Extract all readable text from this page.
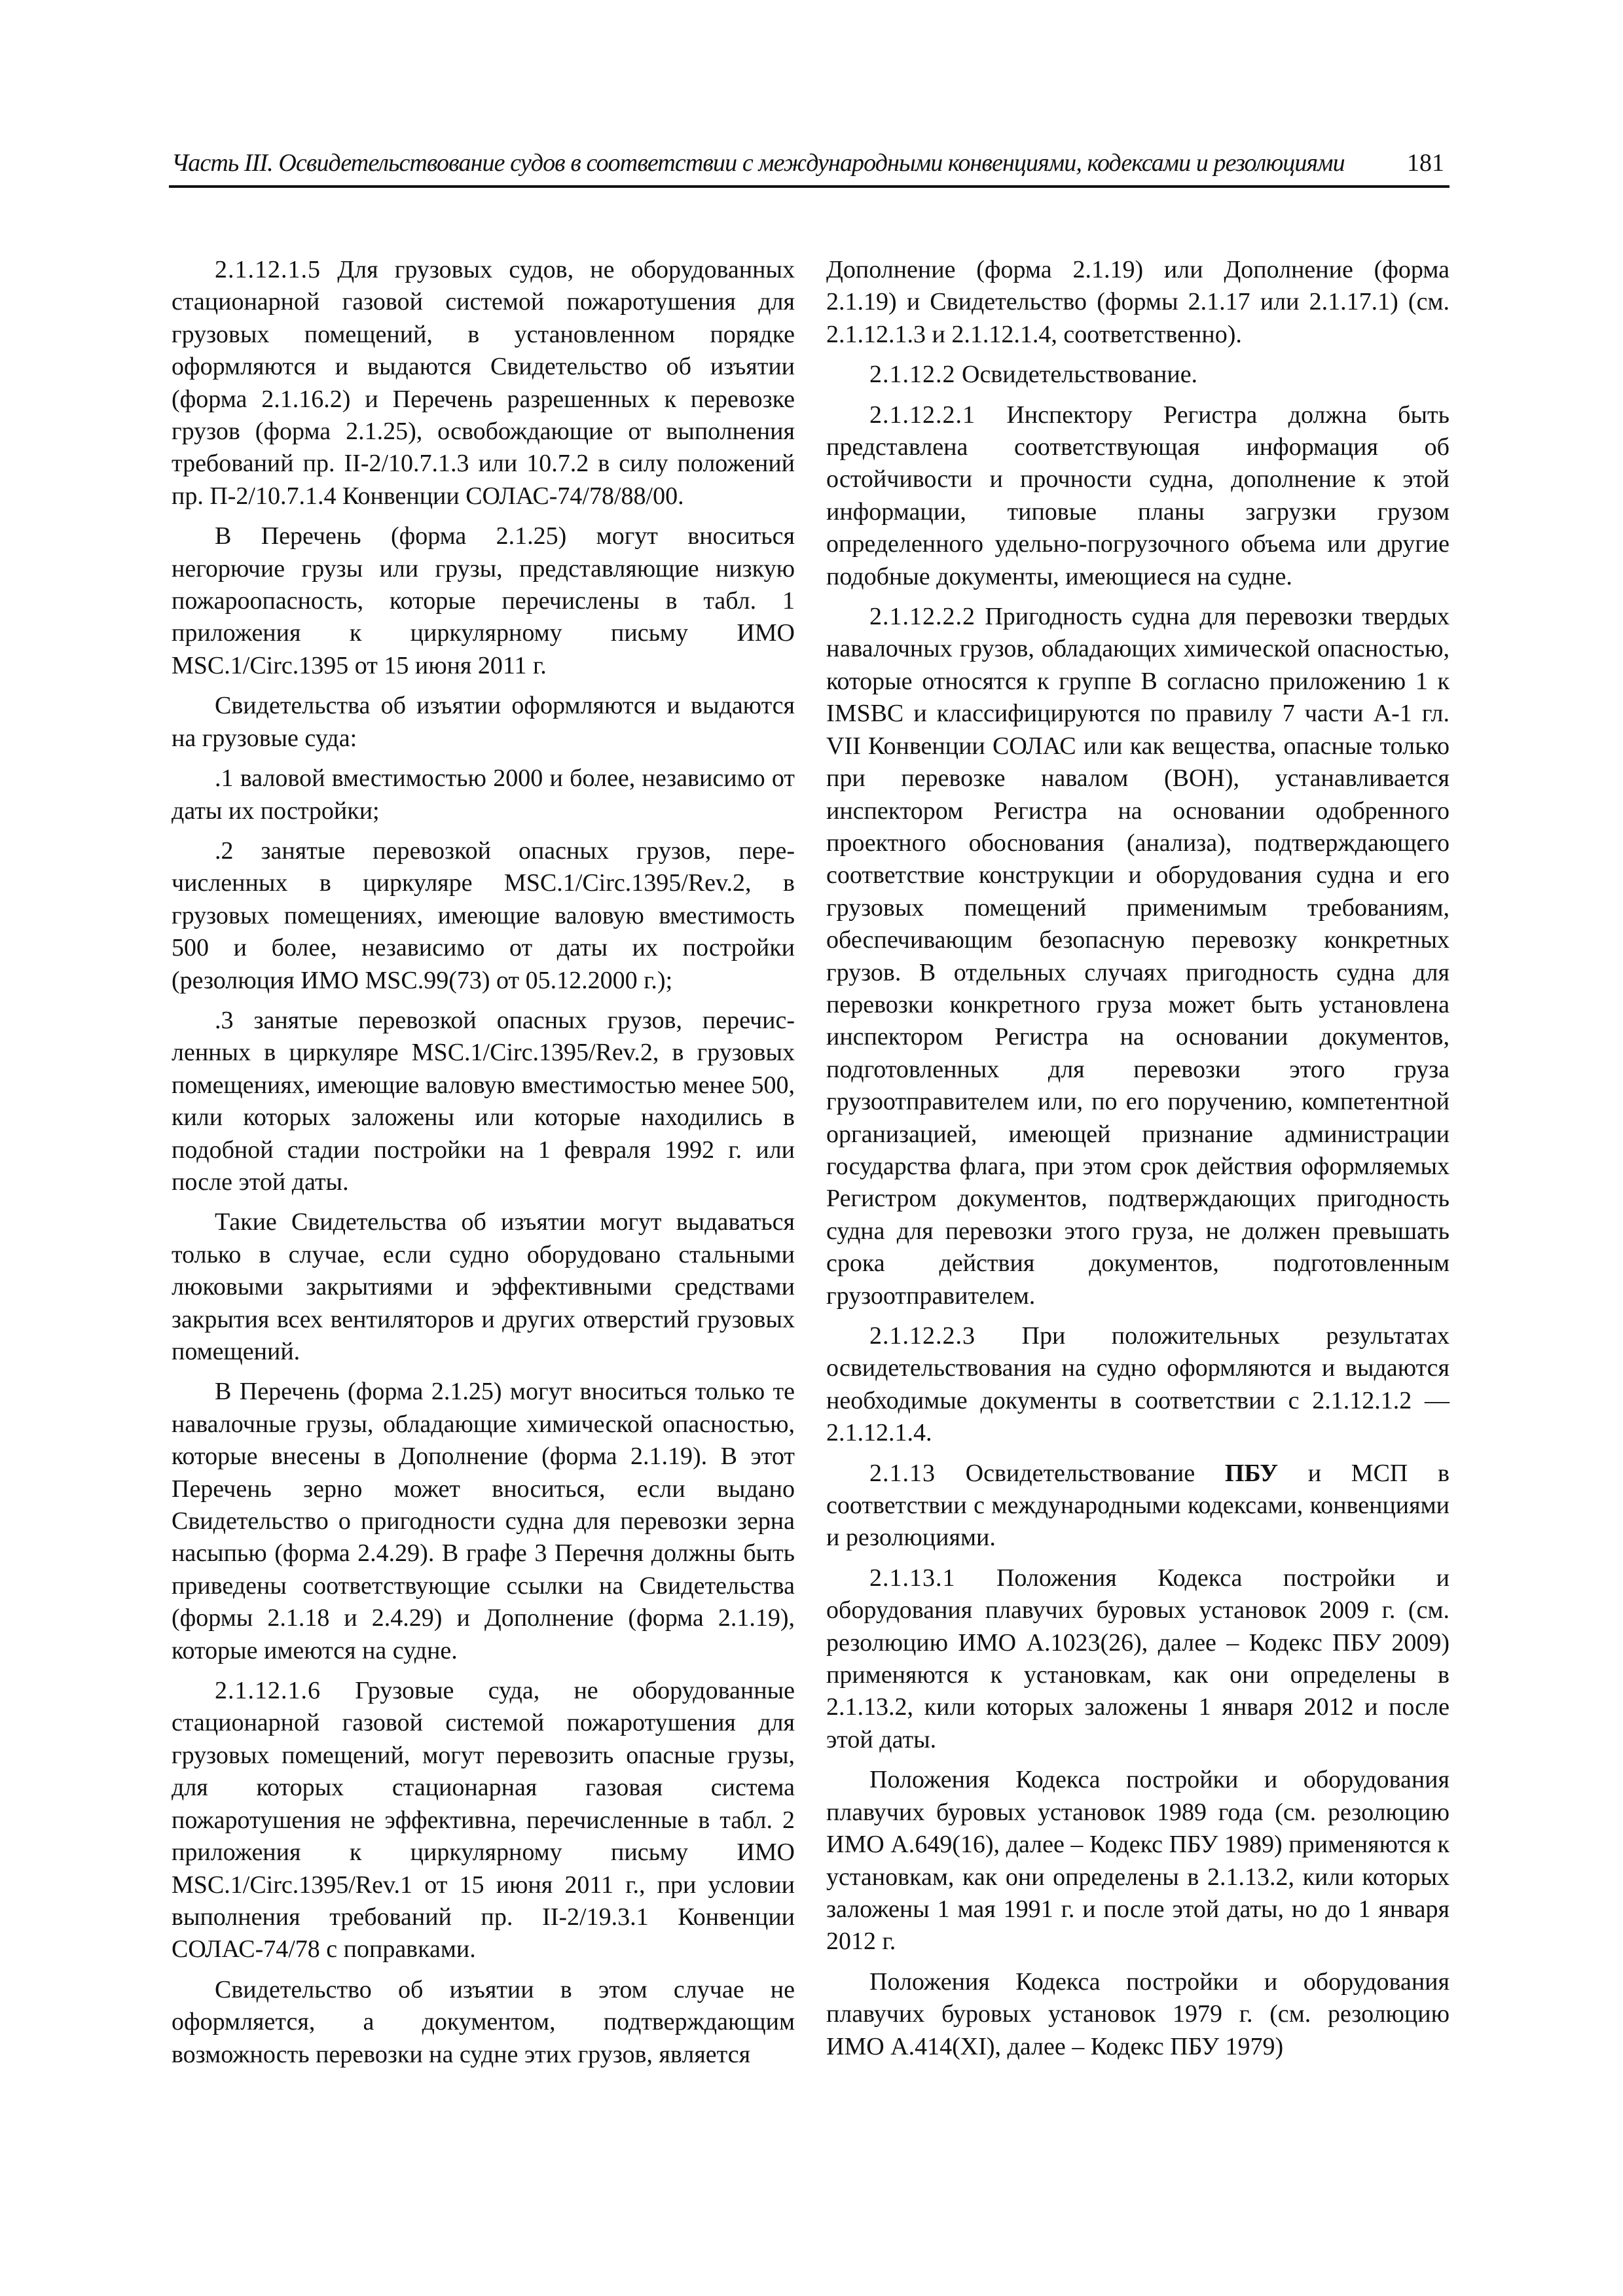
Часть III. Освидетельствование судов в соответствии с международными конвенциями, кодексами и резолюциями	181

2.1.12.1.5 Для грузовых судов, не оборудованных стационарной газовой системой пожаротушения для грузовых помещений, в установленном порядке оформляются и выдаются Свидетельство об изъятии (форма 2.1.16.2) и Перечень разрешенных к перевозке грузов (форма 2.1.25), освобождающие от выполнения требований пр. II-2/10.7.1.3 или 10.7.2 в силу положений пр. П-2/10.7.1.4 Конвенции СОЛАС-74/78/88/00.

В Перечень (форма 2.1.25) могут вноситься негорючие грузы или грузы, представляющие низкую пожароопасность, которые перечислены в табл. 1 приложения к циркулярному письму ИМО MSC.1/Circ.1395 от 15 июня 2011 г.

Свидетельства об изъятии оформляются и выдаются на грузовые суда:

.1 валовой вместимостью 2000 и более, независимо от даты их постройки;

.2 занятые перевозкой опасных грузов, перечисленных в циркуляре MSC.1/Circ.1395/Rev.2, в грузовых помещениях, имеющие валовую вместимость 500 и более, независимо от даты их постройки (резолюция ИМО MSC.99(73) от 05.12.2000 г.);

.3 занятые перевозкой опасных грузов, перечисленных в циркуляре MSC.1/Circ.1395/Rev.2, в грузовых помещениях, имеющие валовую вместимостью менее 500, кили которых заложены или которые находились в подобной стадии постройки на 1 февраля 1992 г. или после этой даты.

Такие Свидетельства об изъятии могут выдаваться только в случае, если судно оборудовано стальными люковыми закрытиями и эффективными средствами закрытия всех вентиляторов и других отверстий грузовых помещений.

В Перечень (форма 2.1.25) могут вноситься только те навалочные грузы, обладающие химической опасностью, которые внесены в Дополнение (форма 2.1.19). В этот Перечень зерно может вноситься, если выдано Свидетельство о пригодности судна для перевозки зерна насыпью (форма 2.4.29). В графе 3 Перечня должны быть приведены соответствующие ссылки на Свидетельства (формы 2.1.18 и 2.4.29) и Дополнение (форма 2.1.19), которые имеются на судне.

2.1.12.1.6 Грузовые суда, не оборудованные стационарной газовой системой пожаротушения для грузовых помещений, могут перевозить опасные грузы, для которых стационарная газовая система пожаротушения не эффективна, перечисленные в табл. 2 приложения к циркулярному письму ИМО MSC.1/Circ.1395/Rev.1 от 15 июня 2011 г., при условии выполнения требований пр. II-2/19.3.1 Конвенции СОЛАС-74/78 с поправками.

Свидетельство об изъятии в этом случае не оформляется, а документом, подтверждающим возможность перевозки на судне этих грузов, является

Дополнение (форма 2.1.19) или Дополнение (форма 2.1.19) и Свидетельство (формы 2.1.17 или 2.1.17.1) (см. 2.1.12.1.3 и 2.1.12.1.4, соответственно).

2.1.12.2 Освидетельствование.

2.1.12.2.1 Инспектору Регистра должна быть представлена соответствующая информация об остойчивости и прочности судна, дополнение к этой информации, типовые планы загрузки грузом определенного удельно-погрузочного объема или другие подобные документы, имеющиеся на судне.

2.1.12.2.2 Пригодность судна для перевозки твердых навалочных грузов, обладающих химической опасностью, которые относятся к группе В согласно приложению 1 к IMSBC и классифицируются по правилу 7 части А-1 гл. VII Конвенции СОЛАС или как вещества, опасные только при перевозке навалом (ВОН), устанавливается инспектором Регистра на основании одобренного проектного обоснования (анализа), подтверждающего соответствие конструкции и оборудования судна и его грузовых помещений применимым требованиям, обеспечивающим безопасную перевозку конкретных грузов. В отдельных случаях пригодность судна для перевозки конкретного груза может быть установлена инспектором Регистра на основании документов, подготовленных для перевозки этого груза грузоотправителем или, по его поручению, компетентной организацией, имеющей признание администрации государства флага, при этом срок действия оформляемых Регистром документов, подтверждающих пригодность судна для перевозки этого груза, не должен превышать срока действия документов, подготовленным грузоотправителем.

2.1.12.2.3 При положительных результатах освидетельствования на судно оформляются и выдаются необходимые документы в соответствии с 2.1.12.1.2 — 2.1.12.1.4.

2.1.13 Освидетельствование ПБУ и МСП в соответствии с международными кодексами, конвенциями и резолюциями.

2.1.13.1 Положения Кодекса постройки и оборудования плавучих буровых установок 2009 г. (см. резолюцию ИМО А.1023(26), далее – Кодекс ПБУ 2009) применяются к установкам, как они определены в 2.1.13.2, кили которых заложены 1 января 2012 и после этой даты.

Положения Кодекса постройки и оборудования плавучих буровых установок 1989 года (см. резолюцию ИМО А.649(16), далее – Кодекс ПБУ 1989) применяются к установкам, как они определены в 2.1.13.2, кили которых заложены 1 мая 1991 г. и после этой даты, но до 1 января 2012 г.

Положения Кодекса постройки и оборудования плавучих буровых установок 1979 г. (см. резолюцию ИМО А.414(XI), далее – Кодекс ПБУ 1979)
